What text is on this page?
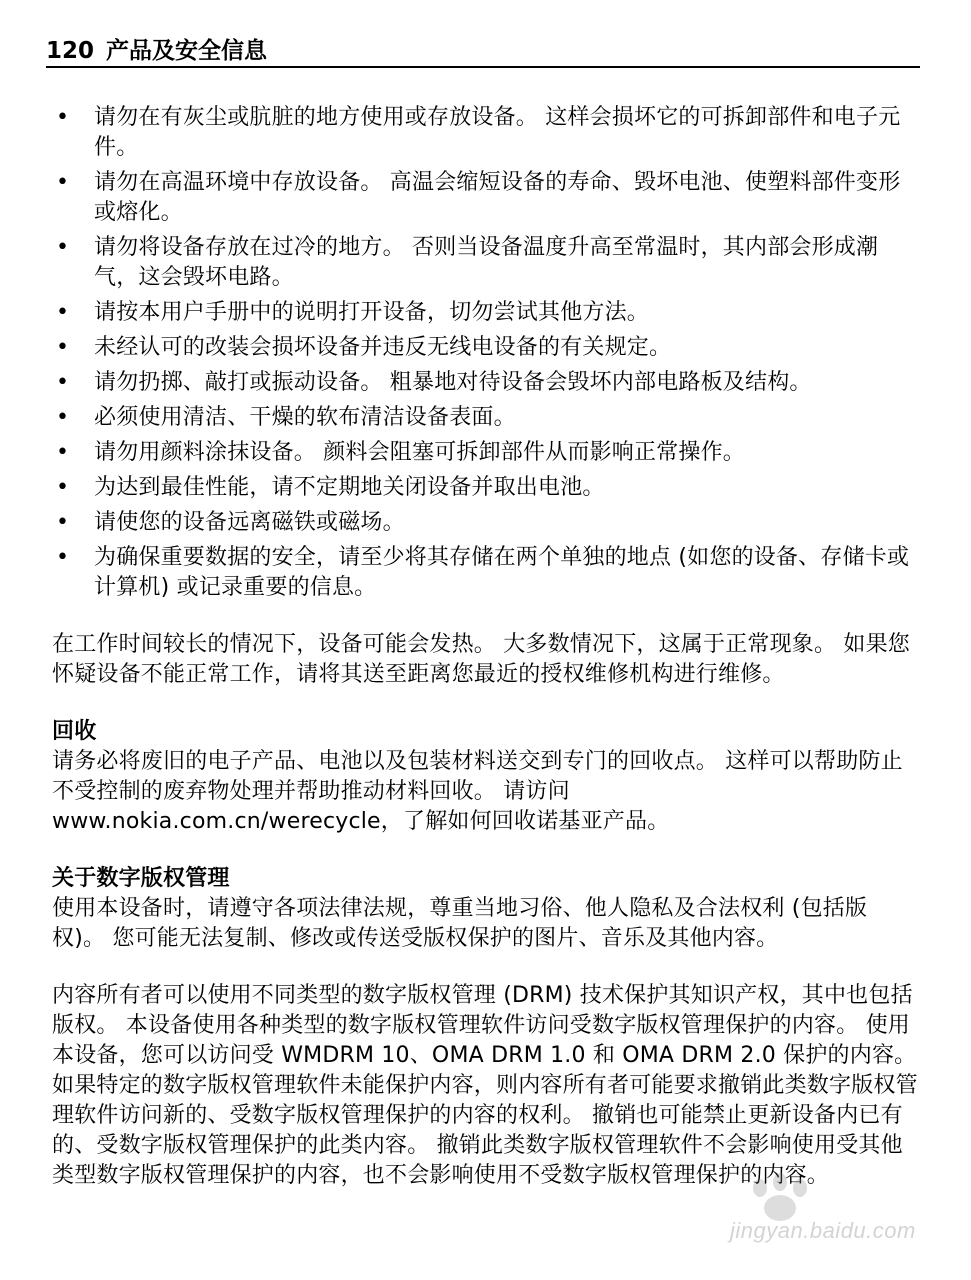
120 产品及安全信息
• 请勿在有灰尘或肮脏的地方使用或存放设备。 这样会损坏它的可拆卸部件和电子元件。
• 请勿在高温环境中存放设备。 高温会缩短设备的寿命、毁坏电池、使塑料部件变形或熔化。
• 请勿将设备存放在过冷的地方。 否则当设备温度升高至常温时，其内部会形成潮气，这会毁坏电路。
• 请按本用户手册中的说明打开设备，切勿尝试其他方法。
• 未经认可的改装会损坏设备并违反无线电设备的有关规定。
• 请勿扔掷、敲打或振动设备。 粗暴地对待设备会毁坏内部电路板及结构。
• 必须使用清洁、干燥的软布清洁设备表面。
• 请勿用颜料涂抹设备。 颜料会阻塞可拆卸部件从而影响正常操作。
• 为达到最佳性能，请不定期地关闭设备并取出电池。
• 请使您的设备远离磁铁或磁场。
• 为确保重要数据的安全，请至少将其存储在两个单独的地点 (如您的设备、存储卡或计算机) 或记录重要的信息。

在工作时间较长的情况下，设备可能会发热。 大多数情况下，这属于正常现象。 如果您怀疑设备不能正常工作，请将其送至距离您最近的授权维修机构进行维修。

回收

请务必将废旧的电子产品、电池以及包装材料送交到专门的回收点。 这样可以帮助防止不受控制的废弃物处理并帮助推动材料回收。 请访问 www.nokia.com.cn/werecycle，了解如何回收诺基亚产品。

关于数字版权管理

使用本设备时，请遵守各项法律法规，尊重当地习俗、他人隐私及合法权利 (包括版权)。 您可能无法复制、修改或传送受版权保护的图片、音乐及其他内容。

内容所有者可以使用不同类型的数字版权管理 (DRM) 技术保护其知识产权，其中也包括版权。 本设备使用各种类型的数字版权管理软件访问受数字版权管理保护的内容。 使用本设备，您可以访问受 WMDRM 10、OMA DRM 1.0 和 OMA DRM 2.0 保护的内容。 如果特定的数字版权管理软件未能保护内容，则内容所有者可能要求撤销此类数字版权管理软件访问新的、受数字版权管理保护的内容的权利。 撤销也可能禁止更新设备内已有的、受数字版权管理保护的此类内容。 撤销此类数字版权管理软件不会影响使用受其他类型数字版权管理保护的内容，也不会影响使用不受数字版权管理保护的内容。

jingyan.baidu.com
